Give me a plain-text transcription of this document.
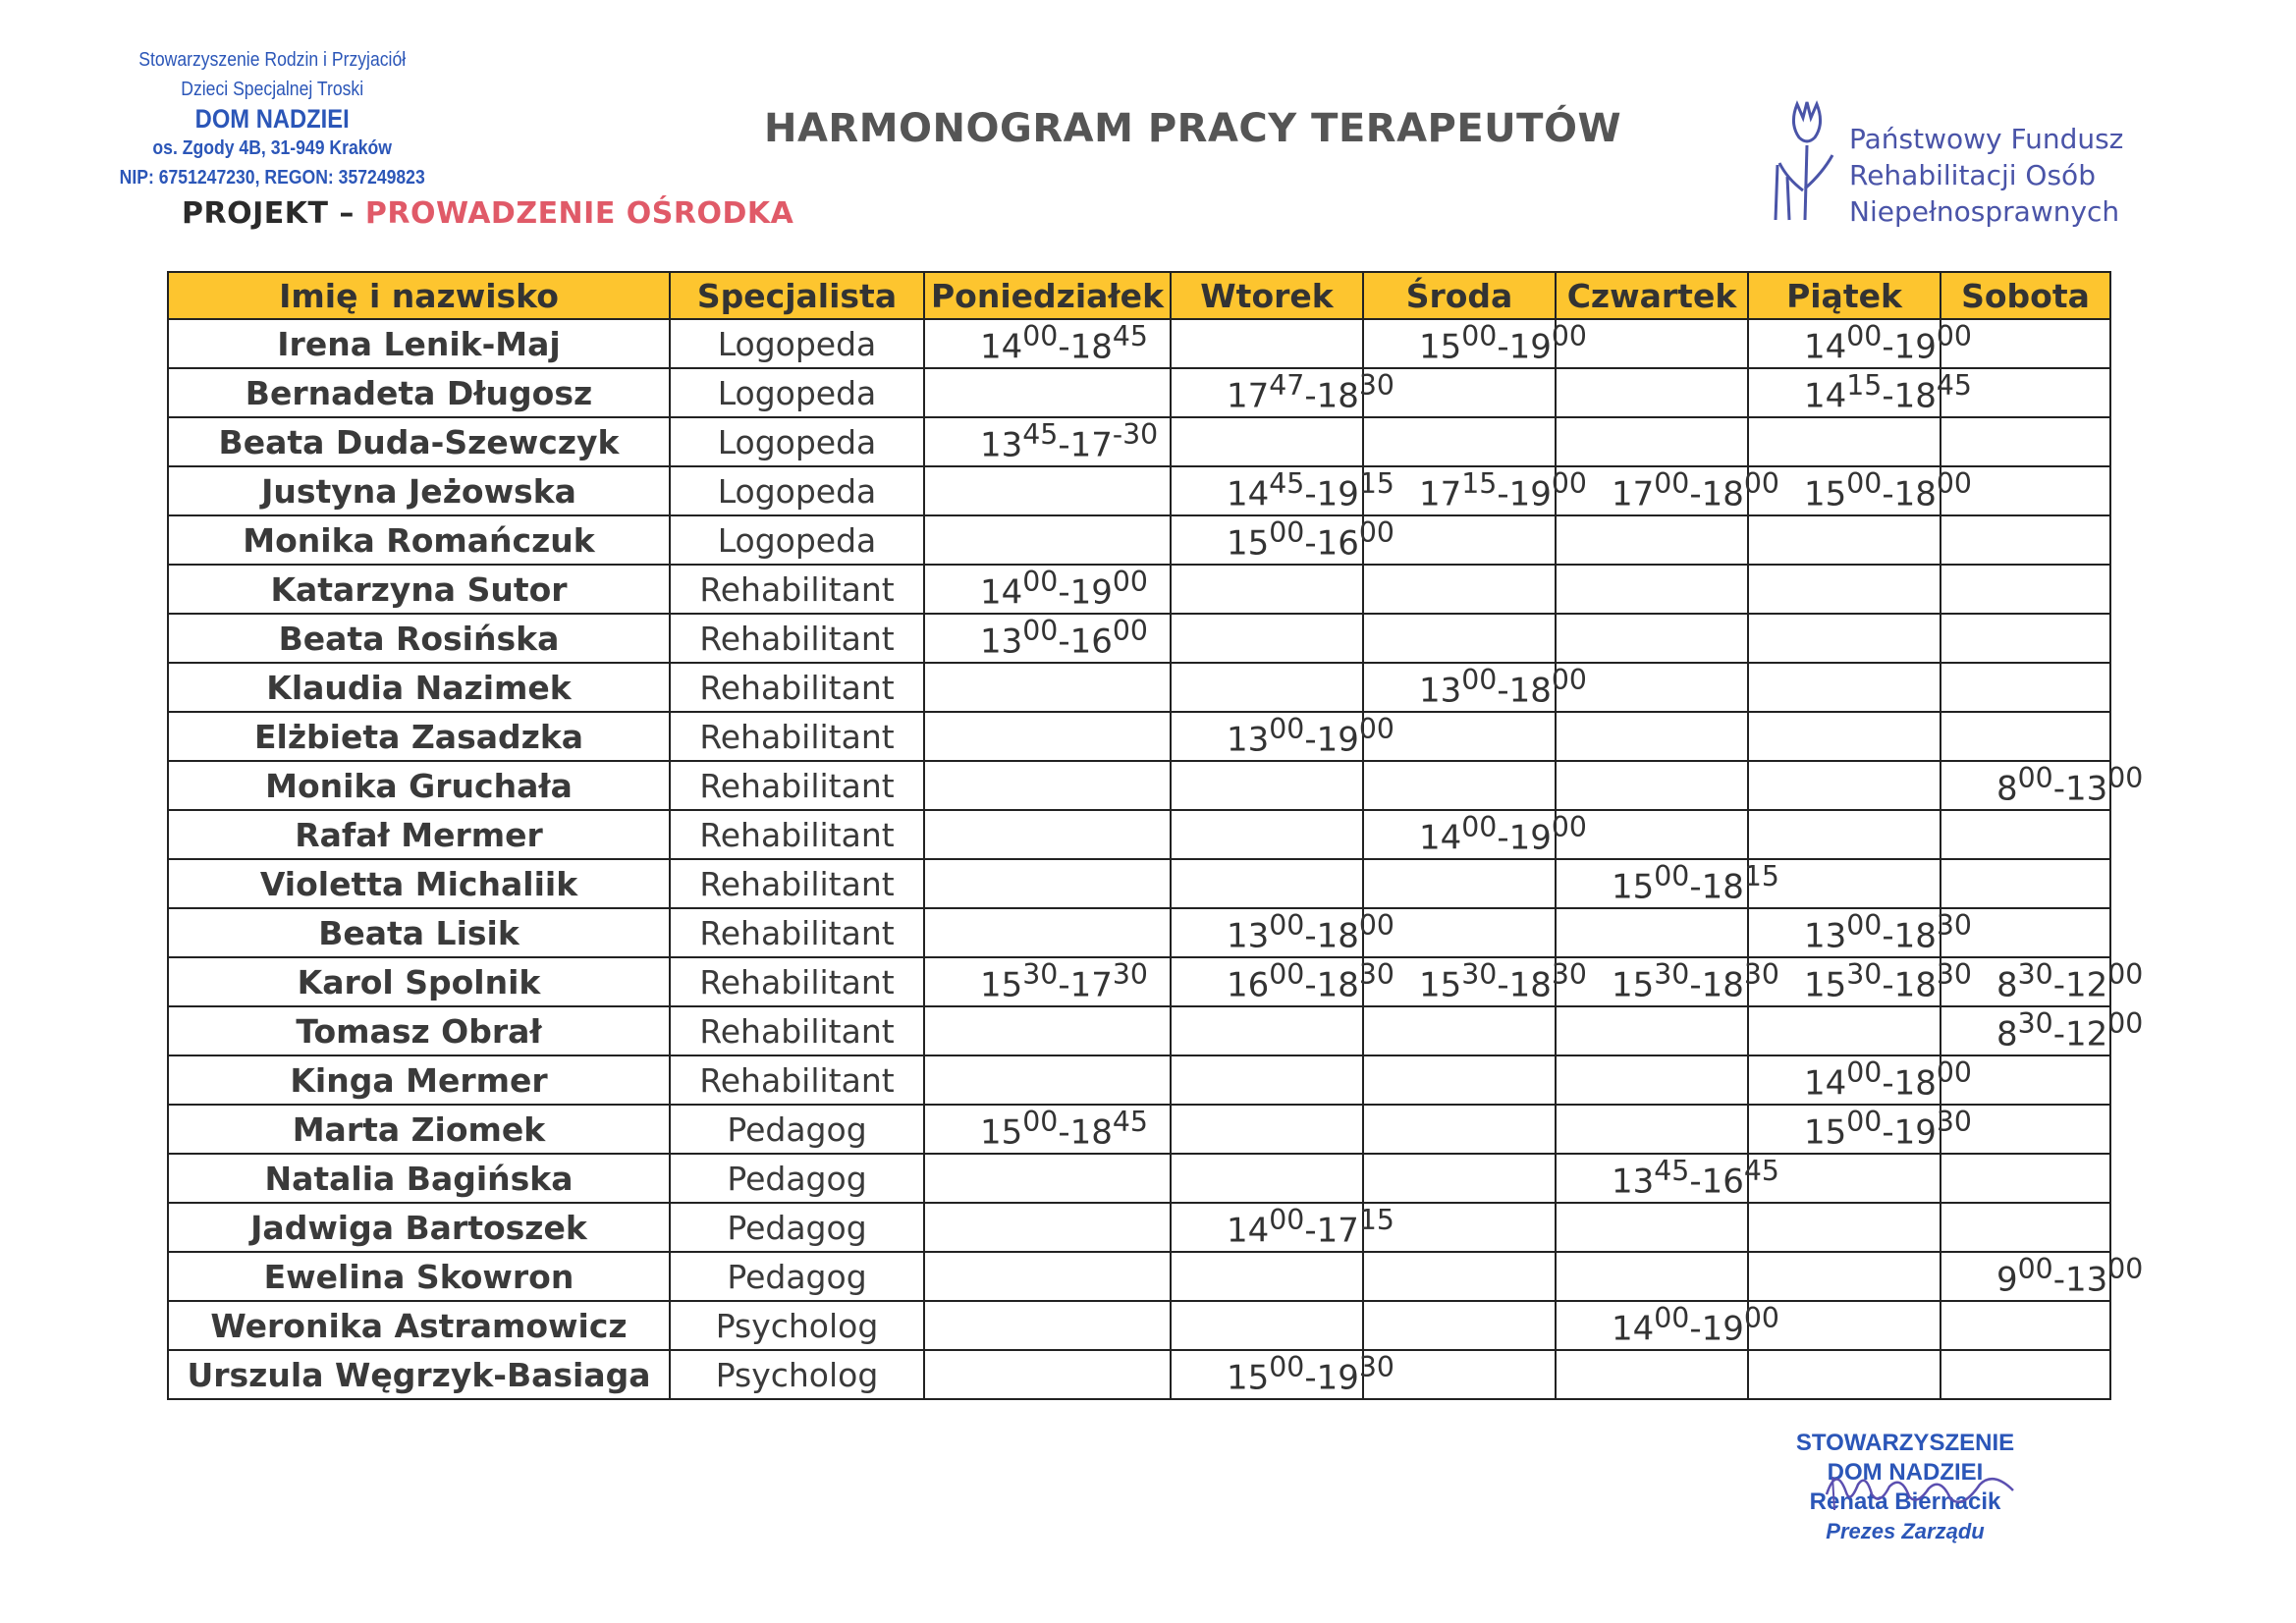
Stowarzyszenie Rodzin i Przyjaciół
Dzieci Specjalnej Troski
DOM NADZIEI
os. Zgody 4B, 31-949 Kraków
NIP: 6751247230, REGON: 357249823
PROJEKT – PROWADZENIE OŚRODKA
HARMONOGRAM PRACY TERAPEUTÓW	Państwowy Fundusz
Rehabilitacji Osób
Niepełnosprawnych
Imię i nazwisko	Specjalista	Poniedziałek	Wtorek	Środa	Czwartek	Piątek	Sobota
Irena Lenik-Maj	Logopeda	$14^{00}-18^{45}$		$15^{00}-19^{00}$		$14^{00}-19^{00}$	
Bernadeta Długosz	Logopeda		$17^{47}-18^{30}$			$14^{15}-18^{45}$	
Beata Duda-Szewczyk	Logopeda	$13^{45}-17^{-30}$					
Justyna Jeżowska	Logopeda		$14^{45}-19^{15}$	$17^{15}-19^{00}$	$17^{00}-18^{00}$	$15^{00}-18^{00}$	
Monika Romańczuk	Logopeda		$15^{00}-16^{00}$				
Katarzyna Sutor	Rehabilitant	$14^{00}-19^{00}$					
Beata Rosińska	Rehabilitant	$13^{00}-16^{00}$					
Klaudia Nazimek	Rehabilitant			$13^{00}-18^{00}$			
Elżbieta Zasadzka	Rehabilitant		$13^{00}-19^{00}$				
Monika Gruchała	Rehabilitant						$8^{00}-13^{00}$
Rafał Mermer	Rehabilitant			$14^{00}-19^{00}$			
Violetta Michaliik	Rehabilitant				$15^{00}-18^{15}$		
Beata Lisik	Rehabilitant		$13^{00}-18^{00}$			$13^{00}-18^{30}$	
Karol Spolnik	Rehabilitant	$15^{30}-17^{30}$	$16^{00}-18^{30}$	$15^{30}-18^{30}$	$15^{30}-18^{30}$	$15^{30}-18^{30}$	$8^{30}-12^{00}$
Tomasz Obrał	Rehabilitant						$8^{30}-12^{00}$
Kinga Mermer	Rehabilitant					$14^{00}-18^{00}$	
Marta Ziomek	Pedagog	$15^{00}-18^{45}$				$15^{00}-19^{30}$	
Natalia Bagińska	Pedagog				$13^{45}-16^{45}$		
Jadwiga Bartoszek	Pedagog		$14^{00}-17^{15}$				
Ewelina Skowron	Pedagog						$9^{00}-13^{00}$
Weronika Astramowicz	Psycholog				$14^{00}-19^{00}$		
Urszula Węgrzyk-Basiaga	Psycholog		$15^{00}-19^{30}$				
STOWARZYSZENIE
DOM NADZIEI
Renata Biernacik
Prezes Zarządu
